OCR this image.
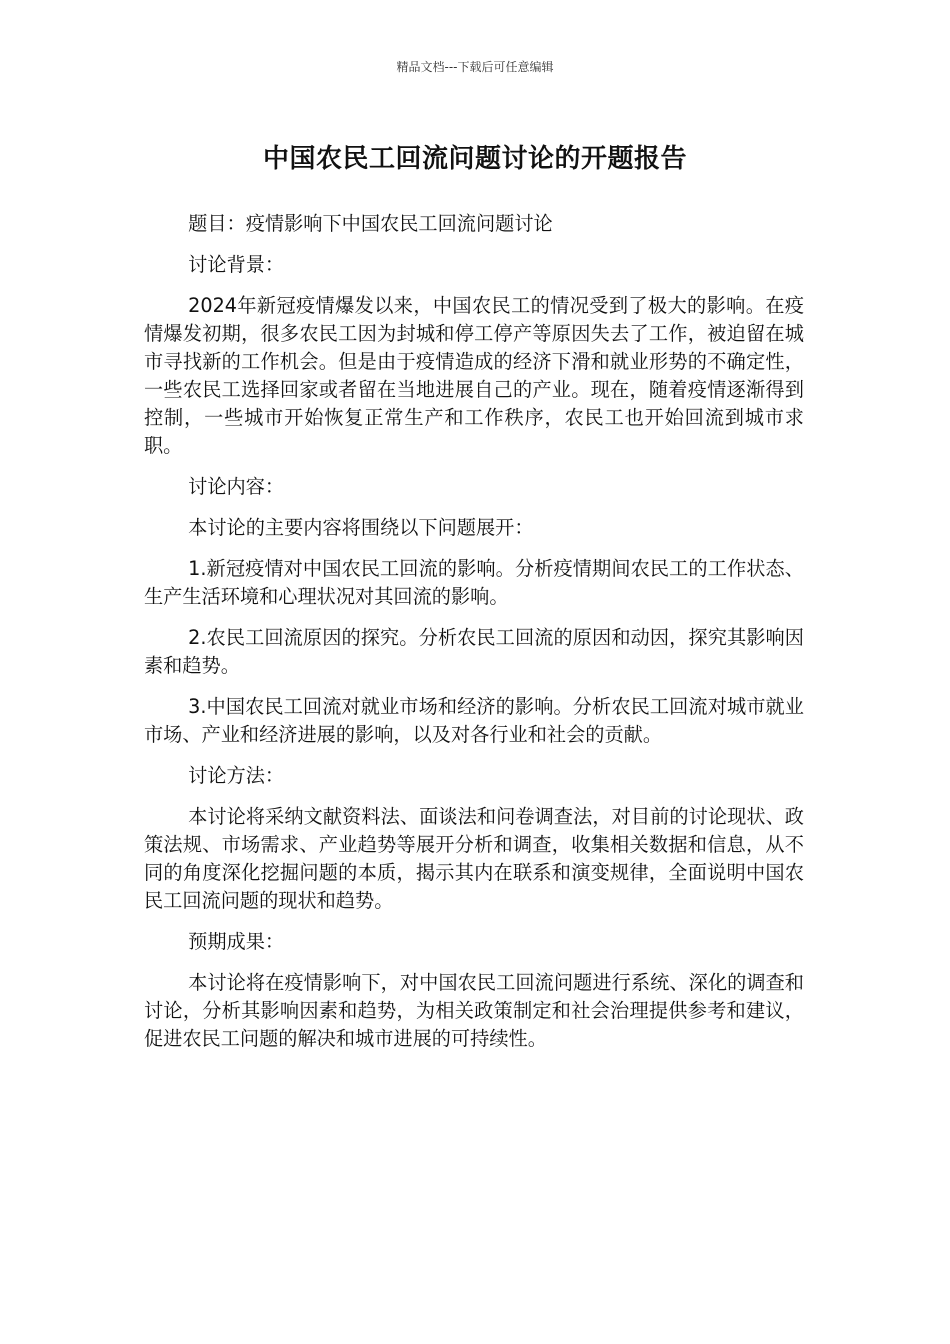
精品文档---下载后可任意编辑
中国农民工回流问题讨论的开题报告

题目：疫情影响下中国农民工回流问题讨论

讨论背景：

2024年新冠疫情爆发以来，中国农民工的情况受到了极大的影响。在疫情爆发初期，很多农民工因为封城和停工停产等原因失去了工作，被迫留在城市寻找新的工作机会。但是由于疫情造成的经济下滑和就业形势的不确定性，一些农民工选择回家或者留在当地进展自己的产业。现在，随着疫情逐渐得到控制，一些城市开始恢复正常生产和工作秩序，农民工也开始回流到城市求职。

讨论内容：

本讨论的主要内容将围绕以下问题展开：

1.新冠疫情对中国农民工回流的影响。分析疫情期间农民工的工作状态、生产生活环境和心理状况对其回流的影响。

2.农民工回流原因的探究。分析农民工回流的原因和动因，探究其影响因素和趋势。

3.中国农民工回流对就业市场和经济的影响。分析农民工回流对城市就业市场、产业和经济进展的影响，以及对各行业和社会的贡献。

讨论方法：

本讨论将采纳文献资料法、面谈法和问卷调查法，对目前的讨论现状、政策法规、市场需求、产业趋势等展开分析和调查，收集相关数据和信息，从不同的角度深化挖掘问题的本质，揭示其内在联系和演变规律，全面说明中国农民工回流问题的现状和趋势。

预期成果：

本讨论将在疫情影响下，对中国农民工回流问题进行系统、深化的调查和讨论，分析其影响因素和趋势，为相关政策制定和社会治理提供参考和建议，促进农民工问题的解决和城市进展的可持续性。
